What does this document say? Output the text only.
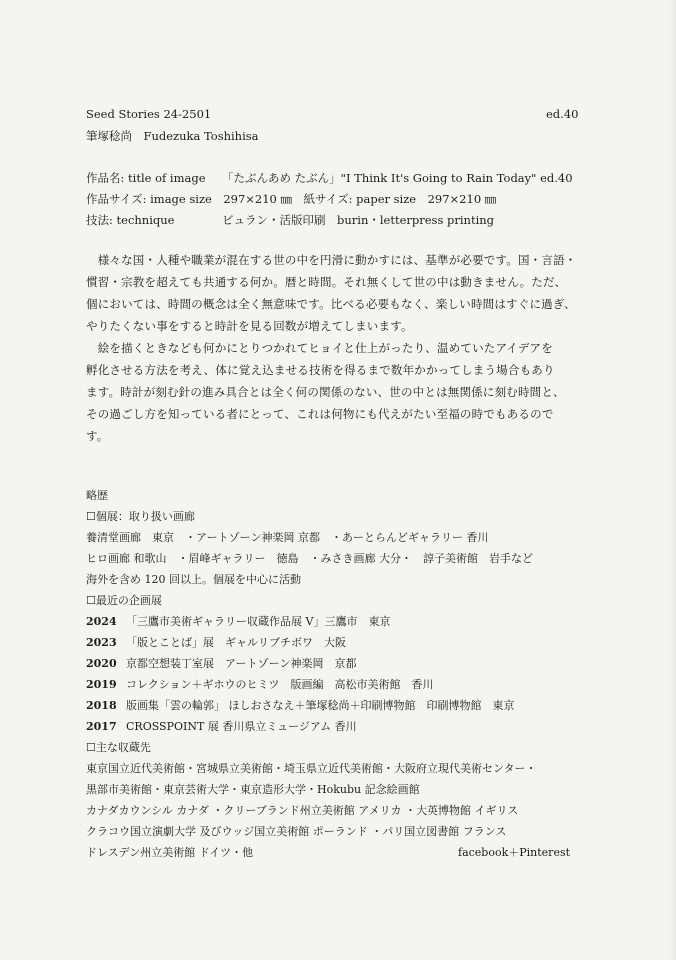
Seed Stories 24-2501	ed.40
筆塚稔尚　Fudezuka Toshihisa
作品名: title of image 「たぶんあめ たぶん」"I Think It's Going to Rain Today" ed.40
作品サイズ: image size　297×210 ㎜　紙サイズ: paper size　297×210 ㎜
技法: technique	ビュラン・活版印刷　burin・letterpress printing
　様々な国・人種や職業が混在する世の中を円滑に動かすには、基準が必要です。国・言語・
慣習・宗教を超えても共通する何か。暦と時間。それ無くして世の中は動きません。ただ、
個においては、時間の概念は全く無意味です。比べる必要もなく、楽しい時間はすぐに過ぎ、
やりたくない事をすると時計を見る回数が増えてしまいます。
　絵を描くときなども何かにとりつかれてヒョイと仕上がったり、温めていたアイデアを
孵化させる方法を考え、体に覚え込ませる技術を得るまで数年かかってしまう場合もあり
ます。時計が刻む針の進み具合とは全く何の関係のない、世の中とは無関係に刻む時間と、
その過ごし方を知っている者にとって、これは何物にも代えがたい至福の時でもあるので
す。
略歴
☐個展：取り扱い画廊
養清堂画廊　東京　・アートゾーン神楽岡 京都　・あーとらんどギャラリー 香川
ヒロ画廊 和歌山　・眉峰ギャラリー　徳島　・みさき画廊 大分・　諄子美術館　岩手など
海外を含め 120 回以上。個展を中心に活動
☐最近の企画展
2024 「三鷹市美術ギャラリー収蔵作品展 V」三鷹市　東京
2023 「版とことば」展　ギャルリブチボワ　大阪
2020 京都空想装丁室展　アートゾーン神楽岡　京都
2019 コレクション＋ギホウのヒミツ　版画編　高松市美術館　香川
2018 版画集「雲の輪郭」 ほしおさなえ＋筆塚稔尚＋印刷博物館　印刷博物館　東京
2017 CROSSPOINT 展 香川県立ミュージアム 香川
☐主な収蔵先
東京国立近代美術館・宮城県立美術館・埼玉県立近代美術館・大阪府立現代美術センター・
黒部市美術館・東京芸術大学・東京造形大学・Hokubu 記念絵画館
カナダカウンシル カナダ ・クリーブランド州立美術館 アメリカ ・大英博物館 イギリス
クラコウ国立演劇大学 及びウッジ国立美術館 ポーランド ・パリ国立図書館 フランス
ドレスデン州立美術館 ドイツ・他	facebook＋Pinterest
